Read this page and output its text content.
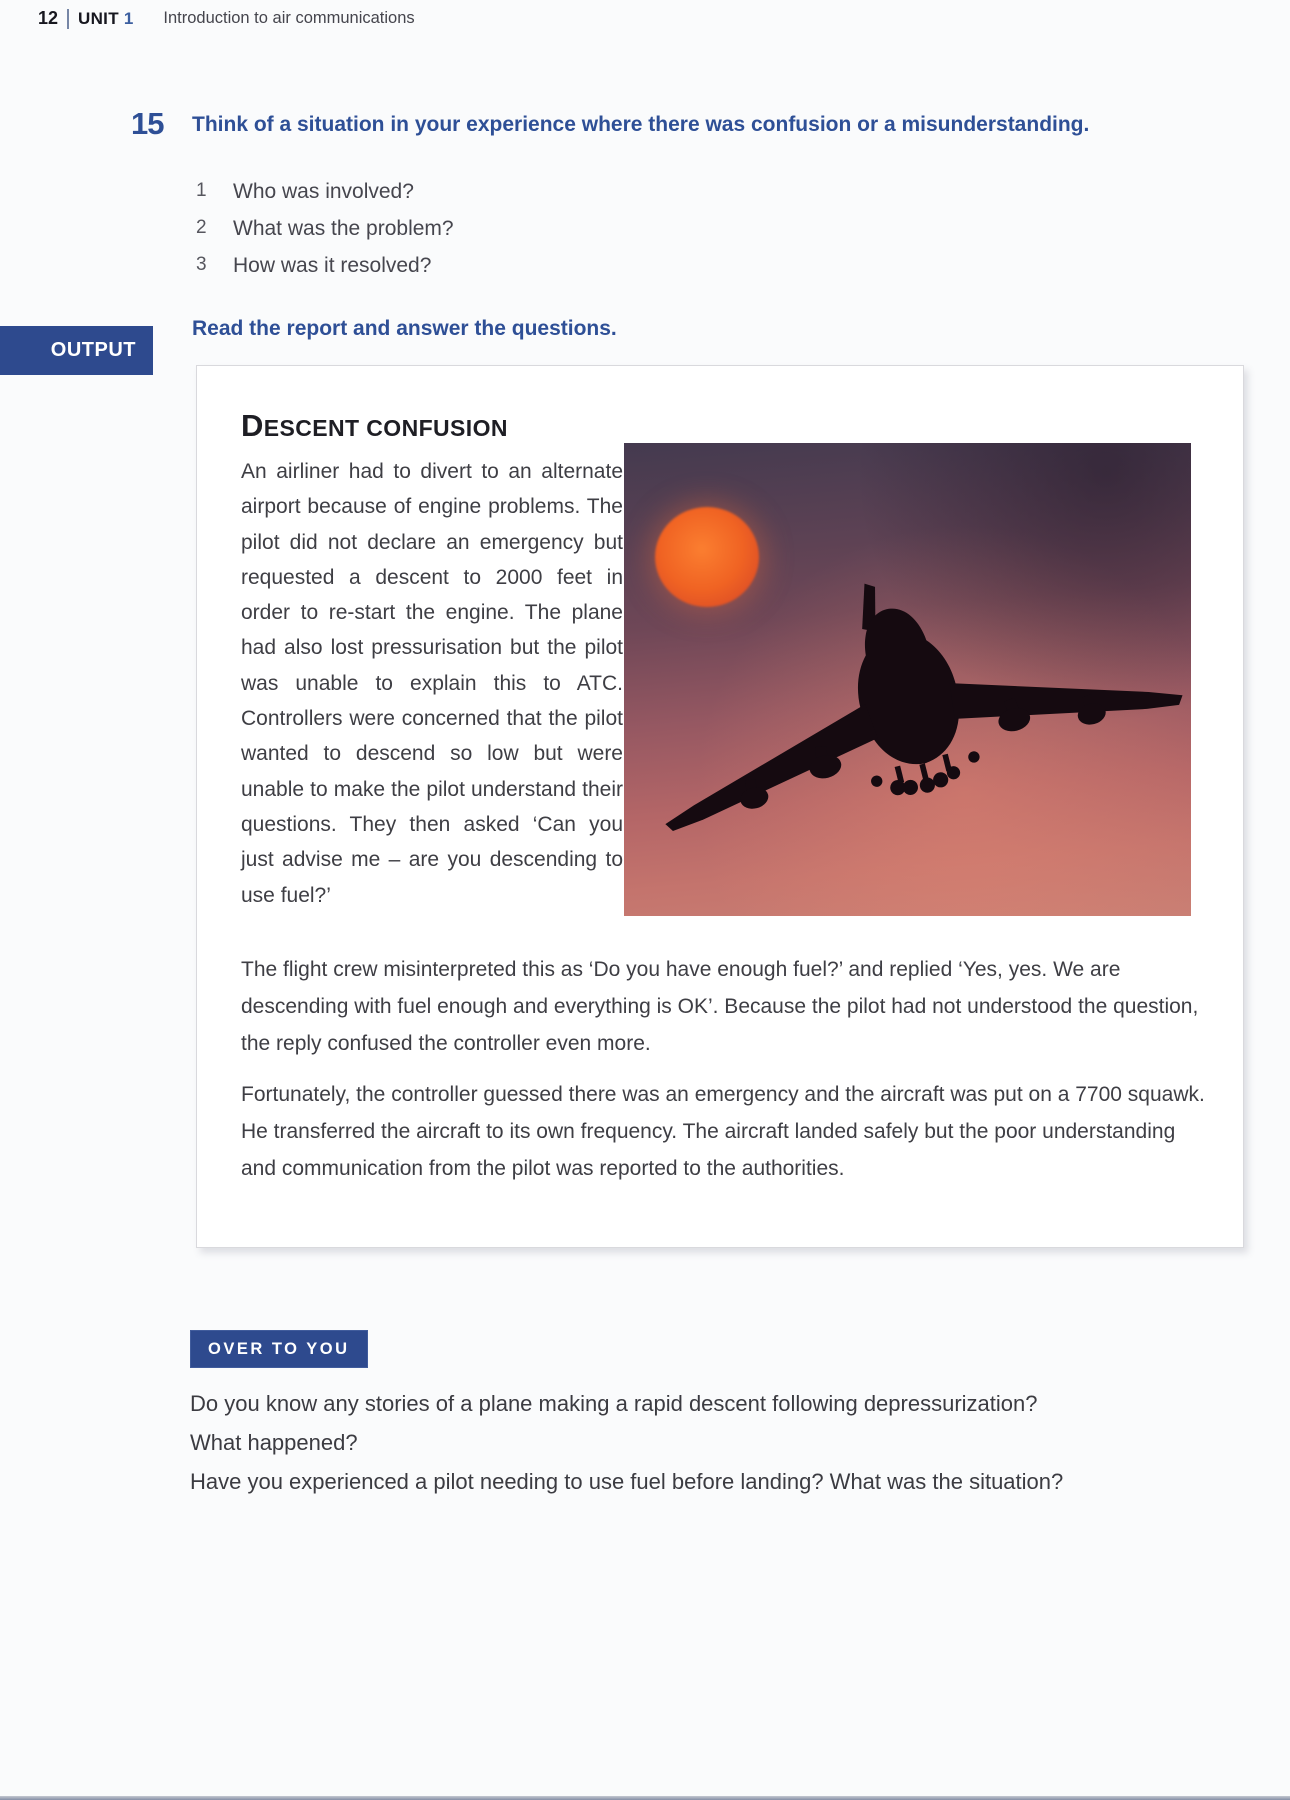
12 UNIT 1 Introduction to air communications
15 Think of a situation in your experience where there was confusion or a misunderstanding.
1	Who was involved?
2	What was the problem?
3	How was it resolved?
OUTPUT
Read the report and answer the questions.
DESCENT CONFUSION
An airliner had to divert to an alternate airport because of engine problems. The pilot did not declare an emergency but requested a descent to 2000 feet in order to re-start the engine. The plane had also lost pressurisation but the pilot was unable to explain this to ATC. Controllers were concerned that the pilot wanted to descend so low but were unable to make the pilot understand their questions. They then asked ‘Can you just advise me – are you descending to use fuel?’
The flight crew misinterpreted this as ‘Do you have enough fuel?’ and replied ‘Yes, yes. We are descending with fuel enough and everything is OK’. Because the pilot had not understood the question, the reply confused the controller even more.
Fortunately, the controller guessed there was an emergency and the aircraft was put on a 7700 squawk. He transferred the aircraft to its own frequency. The aircraft landed safely but the poor understanding and communication from the pilot was reported to the authorities.
OVER TO YOU
Do you know any stories of a plane making a rapid descent following depressurization?
What happened?
Have you experienced a pilot needing to use fuel before landing? What was the situation?
